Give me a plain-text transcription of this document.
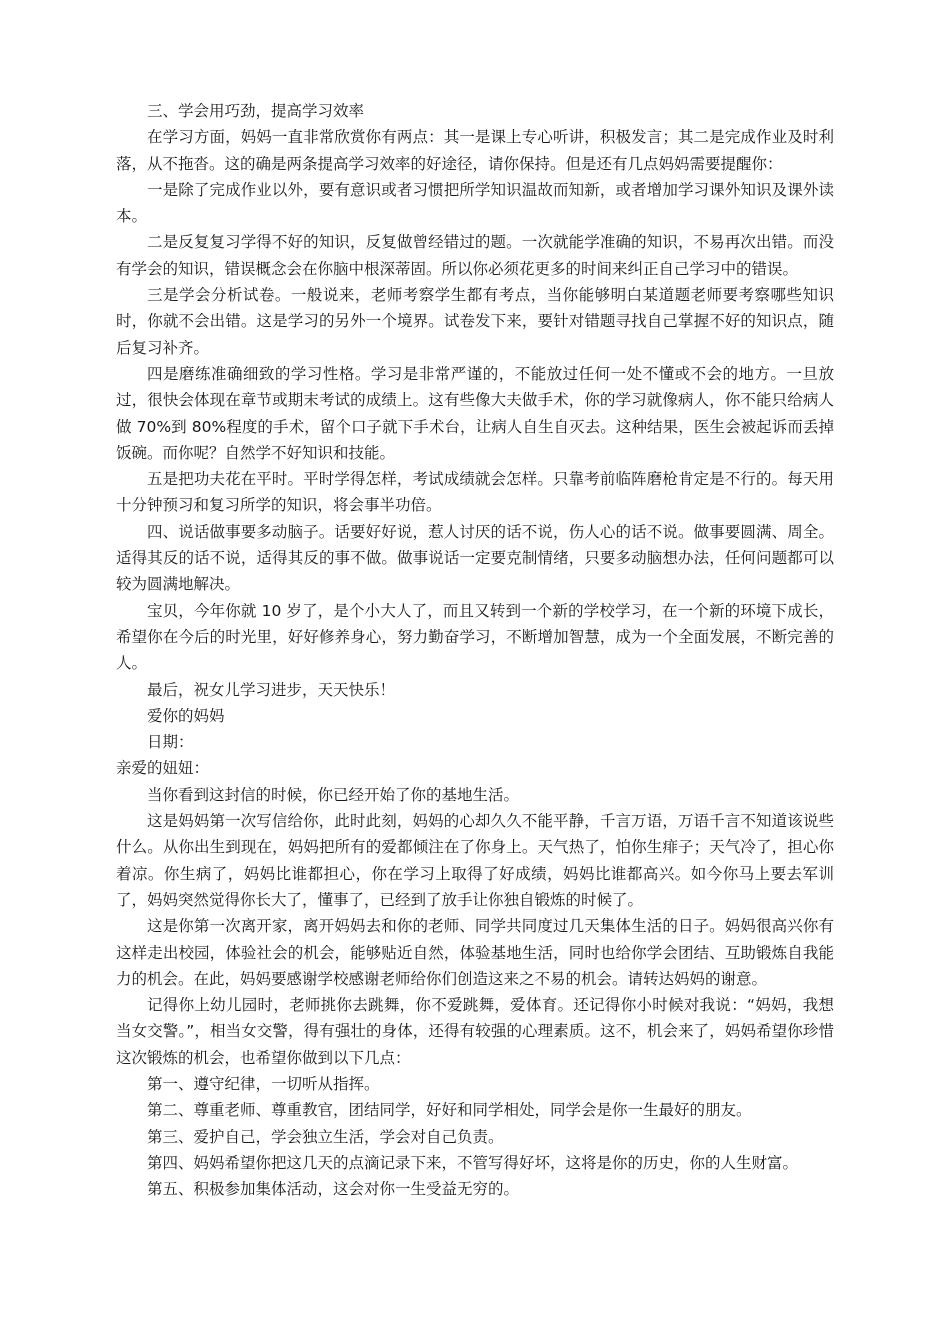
三、学会用巧劲，提高学习效率

在学习方面，妈妈一直非常欣赏你有两点：其一是课上专心听讲，积极发言；其二是完成作业及时利落，从不拖沓。这的确是两条提高学习效率的好途径，请你保持。但是还有几点妈妈需要提醒你：

一是除了完成作业以外，要有意识或者习惯把所学知识温故而知新，或者增加学习课外知识及课外读本。

二是反复复习学得不好的知识，反复做曾经错过的题。一次就能学准确的知识，不易再次出错。而没有学会的知识，错误概念会在你脑中根深蒂固。所以你必须花更多的时间来纠正自己学习中的错误。

三是学会分析试卷。一般说来，老师考察学生都有考点，当你能够明白某道题老师要考察哪些知识时，你就不会出错。这是学习的另外一个境界。试卷发下来，要针对错题寻找自己掌握不好的知识点，随后复习补齐。

四是磨练准确细致的学习性格。学习是非常严谨的，不能放过任何一处不懂或不会的地方。一旦放过，很快会体现在章节或期末考试的成绩上。这有些像大夫做手术，你的学习就像病人，你不能只给病人做 70%到 80%程度的手术，留个口子就下手术台，让病人自生自灭去。这种结果，医生会被起诉而丢掉饭碗。而你呢？自然学不好知识和技能。

五是把功夫花在平时。平时学得怎样，考试成绩就会怎样。只靠考前临阵磨枪肯定是不行的。每天用十分钟预习和复习所学的知识，将会事半功倍。

四、说话做事要多动脑子。话要好好说，惹人讨厌的话不说，伤人心的话不说。做事要圆满、周全。适得其反的话不说，适得其反的事不做。做事说话一定要克制情绪，只要多动脑想办法，任何问题都可以较为圆满地解决。

宝贝，今年你就 10 岁了，是个小大人了，而且又转到一个新的学校学习，在一个新的环境下成长，希望你在今后的时光里，好好修养身心，努力勤奋学习，不断增加智慧，成为一个全面发展，不断完善的人。

最后，祝女儿学习进步，天天快乐！

爱你的妈妈

日期：

亲爱的妞妞：

当你看到这封信的时候，你已经开始了你的基地生活。

这是妈妈第一次写信给你，此时此刻，妈妈的心却久久不能平静，千言万语，万语千言不知道该说些什么。从你出生到现在，妈妈把所有的爱都倾注在了你身上。天气热了，怕你生痱子；天气冷了，担心你着凉。你生病了，妈妈比谁都担心，你在学习上取得了好成绩，妈妈比谁都高兴。如今你马上要去军训了，妈妈突然觉得你长大了，懂事了，已经到了放手让你独自锻炼的时候了。

这是你第一次离开家，离开妈妈去和你的老师、同学共同度过几天集体生活的日子。妈妈很高兴你有这样走出校园，体验社会的机会，能够贴近自然，体验基地生活，同时也给你学会团结、互助锻炼自我能力的机会。在此，妈妈要感谢学校感谢老师给你们创造这来之不易的机会。请转达妈妈的谢意。

记得你上幼儿园时，老师挑你去跳舞，你不爱跳舞，爱体育。还记得你小时候对我说：“妈妈，我想当女交警。”，相当女交警，得有强壮的身体，还得有较强的心理素质。这不，机会来了，妈妈希望你珍惜这次锻炼的机会，也希望你做到以下几点：

第一、遵守纪律，一切听从指挥。

第二、尊重老师、尊重教官，团结同学，好好和同学相处，同学会是你一生最好的朋友。

第三、爱护自己，学会独立生活，学会对自己负责。

第四、妈妈希望你把这几天的点滴记录下来，不管写得好坏，这将是你的历史，你的人生财富。

第五、积极参加集体活动，这会对你一生受益无穷的。
